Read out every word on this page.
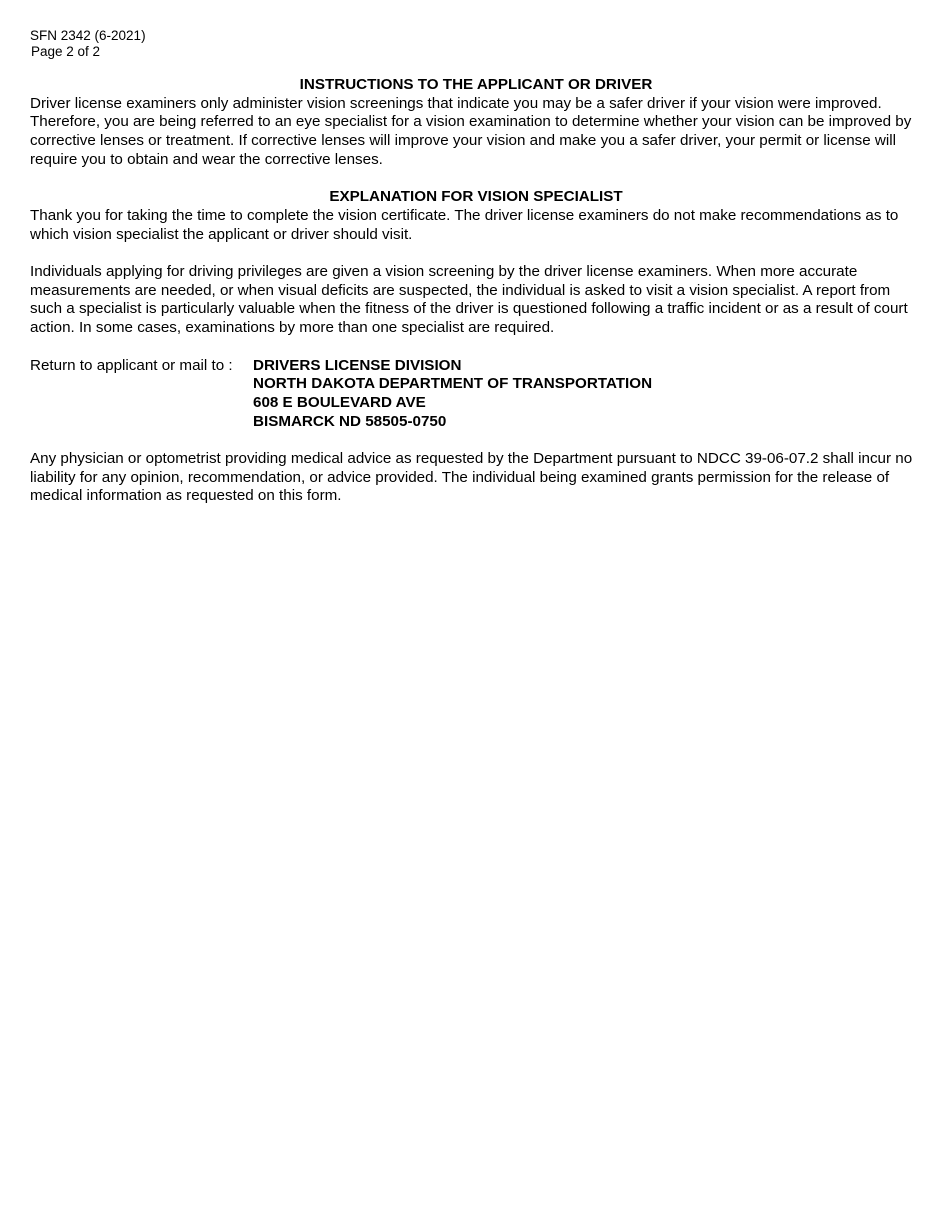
SFN 2342 (6-2021)
Page 2 of 2

INSTRUCTIONS TO THE APPLICANT OR DRIVER

Driver license examiners only administer vision screenings that indicate you may be a safer driver if your vision were improved. Therefore, you are being referred to an eye specialist for a vision examination to determine whether your vision can be improved by corrective lenses or treatment. If corrective lenses will improve your vision and make you a safer driver, your permit or license will require you to obtain and wear the corrective lenses.

EXPLANATION FOR VISION SPECIALIST

Thank you for taking the time to complete the vision certificate. The driver license examiners do not make recommendations as to which vision specialist the applicant or driver should visit.

Individuals applying for driving privileges are given a vision screening by the driver license examiners. When more accurate measurements are needed, or when visual deficits are suspected, the individual is asked to visit a vision specialist. A report from such a specialist is particularly valuable when the fitness of the driver is questioned following a traffic incident or as a result of court action. In some cases, examinations by more than one specialist are required.

Return to applicant or mail to :	DRIVERS LICENSE DIVISION
NORTH DAKOTA DEPARTMENT OF TRANSPORTATION
608 E BOULEVARD AVE
BISMARCK ND 58505-0750

Any physician or optometrist providing medical advice as requested by the Department pursuant to NDCC 39-06-07.2 shall incur no liability for any opinion, recommendation, or advice provided. The individual being examined grants permission for the release of medical information as requested on this form.
